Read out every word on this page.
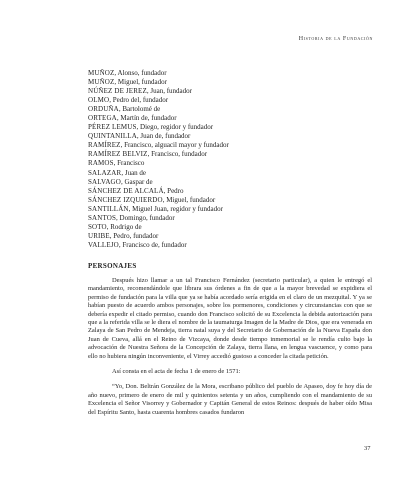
Historia de la Fundación
MUÑOZ, Alonso, fundador
MUÑOZ, Miguel, fundador
NÚÑEZ DE JEREZ, Juan, fundador
OLMO, Pedro del, fundador
ORDUÑA, Bartolomé de
ORTEGA, Martín de, fundador
PÉREZ LEMUS, Diego, regidor y fundador
QUINTANILLA, Juan de, fundador
RAMÍREZ, Francisco, alguacil mayor y fundador
RAMÍREZ BELVIZ, Francisco, fundador
RAMOS, Francisco
SALAZAR, Juan de
SALVAGO, Gaspar de
SÁNCHEZ DE ALCALÁ, Pedro
SÁNCHEZ IZQUIERDO, Miguel, fundador
SANTILLÁN, Miguel Juan, regidor y fundador
SANTOS, Domingo, fundador
SOTO, Rodrigo de
URIBE, Pedro, fundador
VALLEJO, Francisco de, fundador
PERSONAJES

Después hizo llamar a un tal Francisco Fernández (secretario particular), a quien le entregó el mandamiento, recomendándole que librara sus órdenes a fin de que a la mayor brevedad se expidiera el permiso de fundación para la villa que ya se había acordado sería erigida en el claro de un mezquital. Y ya se habían puesto de acuerdo ambos personajes, sobre los pormenores, condiciones y circunstancias con que se debería expedir el citado permiso, cuando don Francisco solicitó de su Excelencia la debida autorización para que a la referida villa se le diera el nombre de la taumaturga Imagen de la Madre de Dios, que era venerada en Zalaya de San Pedro de Mendeja, tierra natal suya y del Secretario de Gobernación de la Nueva España don Juan de Cueva, allá en el Reino de Vizcaya, donde desde tiempo inmemorial se le rendía culto bajo la advocación de Nuestra Señora de la Concepción de Zalaya, tierra llana, en lengua vascuence, y como para ello no hubiera ningún inconveniente, el Virrey accedió gustoso a conceder la citada petición.

Así consta en el acta de fecha 1 de enero de 1571:

“Yo, Don. Beltrán González de la Mora, escribano público del pueblo de Apaseo, doy fe hoy día de año nuevo, primero de enero de mil y quinientos setenta y un años, cumpliendo con el mandamiento de su Excelencia el Señor Visorrey y Gobernador y Capitán General de estos Reinos: después de haber oído Misa del Espíritu Santo, hasta cuarenta hombres casados fundaron

37
